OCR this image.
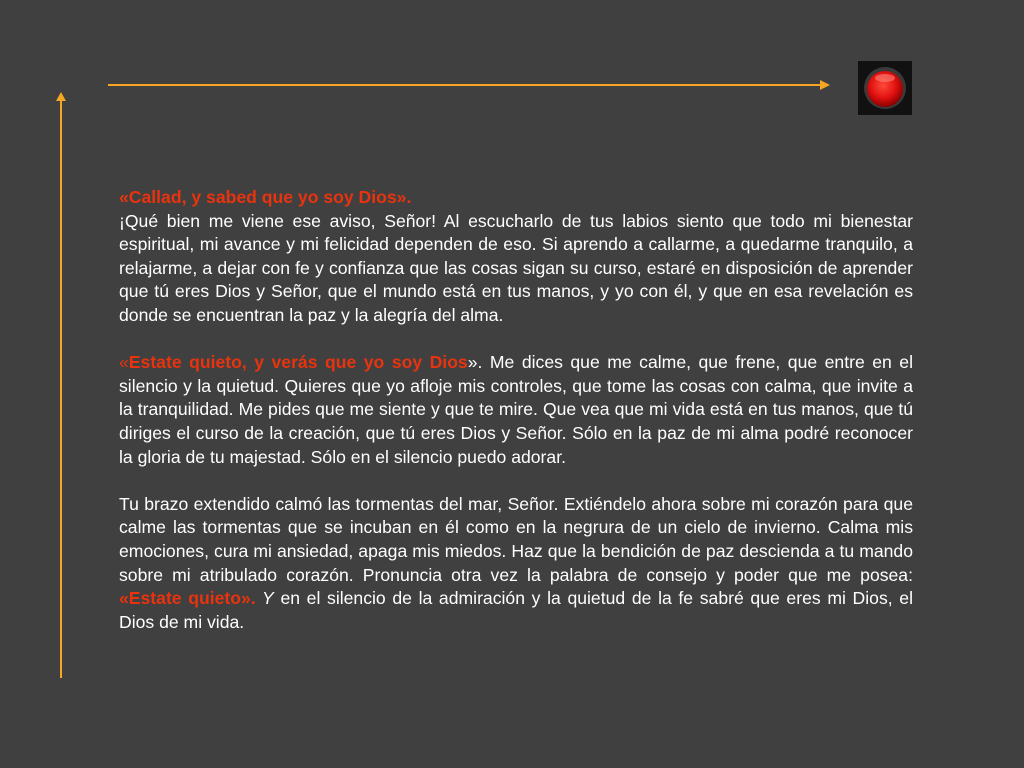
«Callad, y sabed que yo soy Dios».

¡Qué bien me viene ese aviso, Señor! Al escucharlo de tus labios siento que todo mi bienestar espiritual, mi avance y mi felicidad dependen de eso. Si aprendo a callarme, a quedarme tranquilo, a relajarme, a dejar con fe y confianza que las cosas sigan su curso, estaré en disposición de aprender que tú eres Dios y Señor, que el mundo está en tus manos, y yo con él, y que en esa revelación es donde se encuentran la paz y la alegría del alma.

«Estate quieto, y verás que yo soy Dios». Me dices que me calme, que frene, que entre en el silencio y la quietud. Quieres que yo afloje mis controles, que tome las cosas con calma, que invite a la tranquilidad. Me pides que me siente y que te mire. Que vea que mi vida está en tus manos, que tú diriges el curso de la creación, que tú eres Dios y Señor. Sólo en la paz de mi alma podré reconocer la gloria de tu majestad. Sólo en el silencio puedo adorar.

Tu brazo extendido calmó las tormentas del mar, Señor. Extiéndelo ahora sobre mi corazón para que calme las tormentas que se incuban en él como en la negrura de un cielo de invierno. Calma mis emociones, cura mi ansiedad, apaga mis miedos. Haz que la bendición de paz descienda a tu mando sobre mi atribulado corazón. Pronuncia otra vez la palabra de consejo y poder que me posea: «Estate quieto». Y en el silencio de la admiración y la quietud de la fe sabré que eres mi Dios, el Dios de mi vida.
